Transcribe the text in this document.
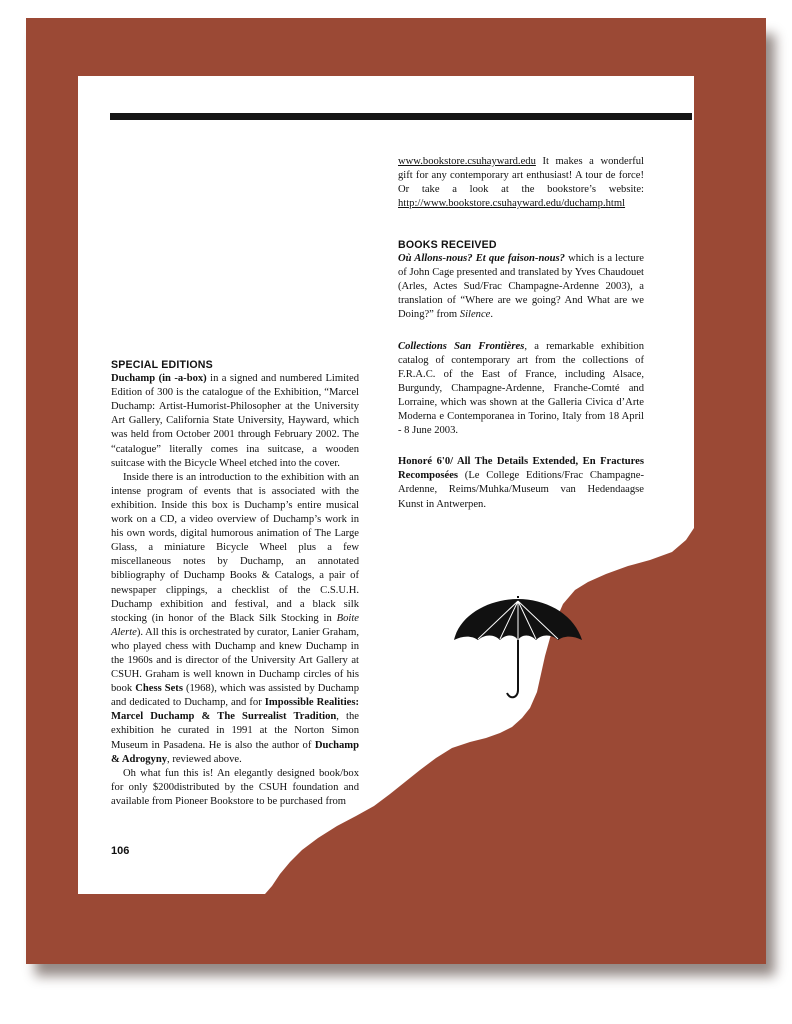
www.bookstore.csuhayward.edu It makes a wonderful gift for any contemporary art enthusiast! A tour de force! Or take a look at the bookstore’s website: http://www.bookstore.csuhayward.edu/duchamp.html

BOOKS RECEIVED

Où Allons-nous? Et que faison-nous? which is a lecture of John Cage presented and translated by Yves Chaudouet (Arles, Actes Sud/Frac Champagne-Ardenne 2003), a translation of “Where are we going? And What are we Doing?” from Silence.

Collections San Frontières, a remarkable exhibition catalog of contemporary art from the collections of F.R.A.C. of the East of France, including Alsace, Burgundy, Champagne-Ardenne, Franche-Comté and Lorraine, which was shown at the Galleria Civica d’Arte Moderna e Contemporanea in Torino, Italy from 18 April - 8 June 2003.

Honoré 6'0/ All The Details Extended, En Fractures Recomposées (Le College Editions/Frac Champagne-Ardenne, Reims/Muhka/Museum van Hedendaagse Kunst in Antwerpen.

SPECIAL EDITIONS

Duchamp (in -a-box) in a signed and numbered Limited Edition of 300 is the catalogue of the Exhibition, “Marcel Duchamp: Artist-Humorist-Philosopher at the University Art Gallery, California State University, Hayward, which was held from October 2001 through February 2002. The “catalogue” literally comes ina suitcase, a wooden suitcase with the Bicycle Wheel etched into the cover.

Inside there is an introduction to the exhibition with an intense program of events that is associated with the exhibition. Inside this box is Duchamp’s entire musical work on a CD, a video overview of Duchamp’s work in his own words, digital humorous animation of The Large Glass, a miniature Bicycle Wheel plus a few miscellaneous notes by Duchamp, an annotated bibliography of Duchamp Books & Catalogs, a pair of newspaper clippings, a checklist of the C.S.U.H. Duchamp exhibition and festival, and a black silk stocking (in honor of the Black Silk Stocking in Boite Alerte). All this is orchestrated by curator, Lanier Graham, who played chess with Duchamp and knew Duchamp in the 1960s and is director of the University Art Gallery at CSUH. Graham is well known in Duchamp circles of his book Chess Sets (1968), which was assisted by Duchamp and dedicated to Duchamp, and for Impossible Realities: Marcel Duchamp & The Surrealist Tradition, the exhibition he curated in 1991 at the Norton Simon Museum in Pasadena. He is also the author of Duchamp & Adrogyny, reviewed above.

Oh what fun this is! An elegantly designed book/box for only $200distributed by the CSUH foundation and available from Pioneer Bookstore to be purchased from

106
